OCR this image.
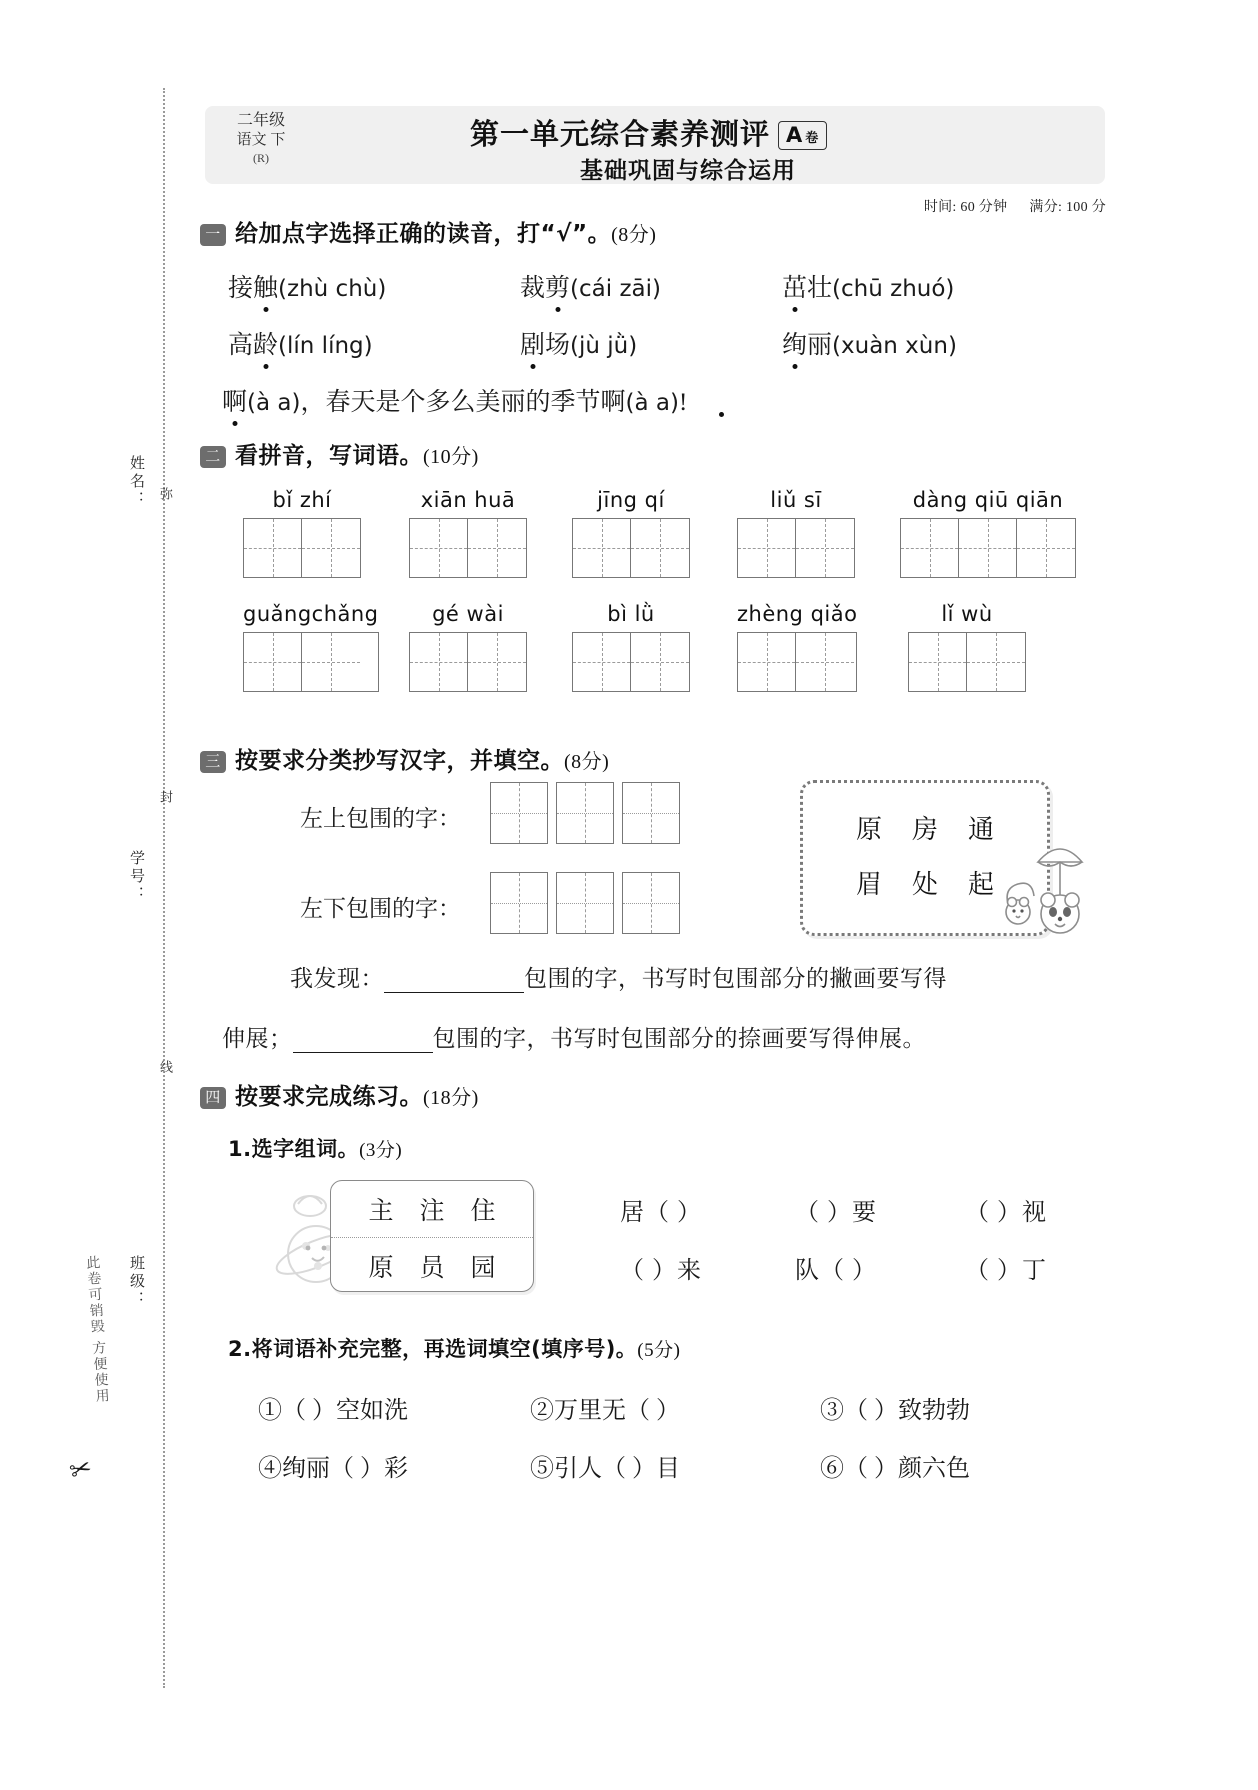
姓名： 弥
封
学号：
线
班级：
此卷可销毁 方便使用
✂
二年级
语文 下
(R)
第一单元综合素养测评 A 卷
基础巩固与综合运用
时间: 60 分钟 满分: 100 分
一 给加点字选择正确的读音，打“√”。(8分)
接触(zhù chù)	裁剪(cái zāi)	茁壮(chū zhuó)
高龄(lín líng)	剧场(jù jǜ)	绚丽(xuàn xùn)
啊(à a)，春天是个多么美丽的季节啊(à a)!
二 看拼音，写词语。(10分)
bǐ zhí	xiān huā	jīng qí	liǔ sī	dàng qiū qiān
guǎngchǎng	gé wài	bì lǜ	zhèng qiǎo	lǐ wù
三 按要求分类抄写汉字，并填空。(8分)
左上包围的字：
左下包围的字：
原 房 通
眉 处 起
我发现：	包围的字，书写时包围部分的撇画要写得
伸展；	包围的字，书写时包围部分的捺画要写得伸展。
四 按要求完成练习。(18分)
1.选字组词。(3分)
主 注 住
原 员 园
居（ ）	（ ）要	（ ）视
（ ）来	队（ ）	（ ）丁
2.将词语补充完整，再选词填空(填序号)。(5分)
①（ ）空如洗	②万里无（ ）	③（ ）致勃勃
④绚丽（ ）彩	⑤引人（ ）目	⑥（ ）颜六色
